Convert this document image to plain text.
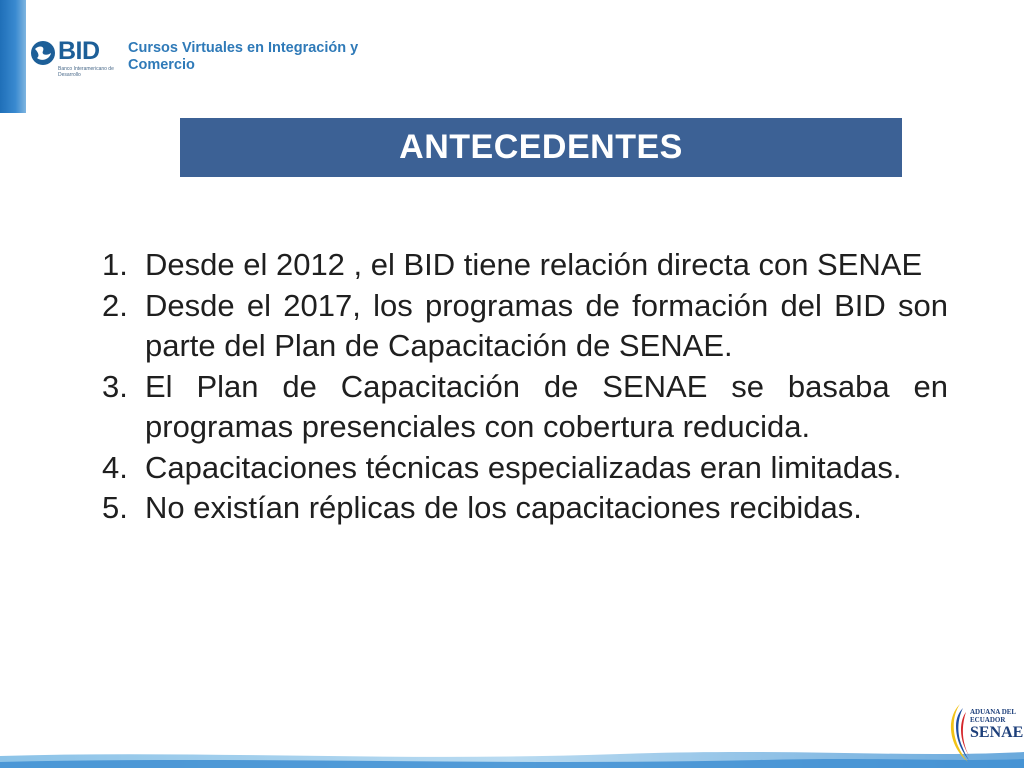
BID
Banco Interamericano de Desarrollo
Cursos Virtuales en Integración y Comercio
ANTECEDENTES
1. Desde el 2012 , el BID tiene relación directa con SENAE
2. Desde el 2017, los programas de formación del BID son parte del Plan de Capacitación de SENAE.
3. El Plan de Capacitación de SENAE se basaba en programas presenciales con cobertura reducida.
4. Capacitaciones técnicas especializadas eran limitadas.
5. No existían réplicas de los capacitaciones recibidas.
ADUANA DEL
ECUADOR
SENAE
